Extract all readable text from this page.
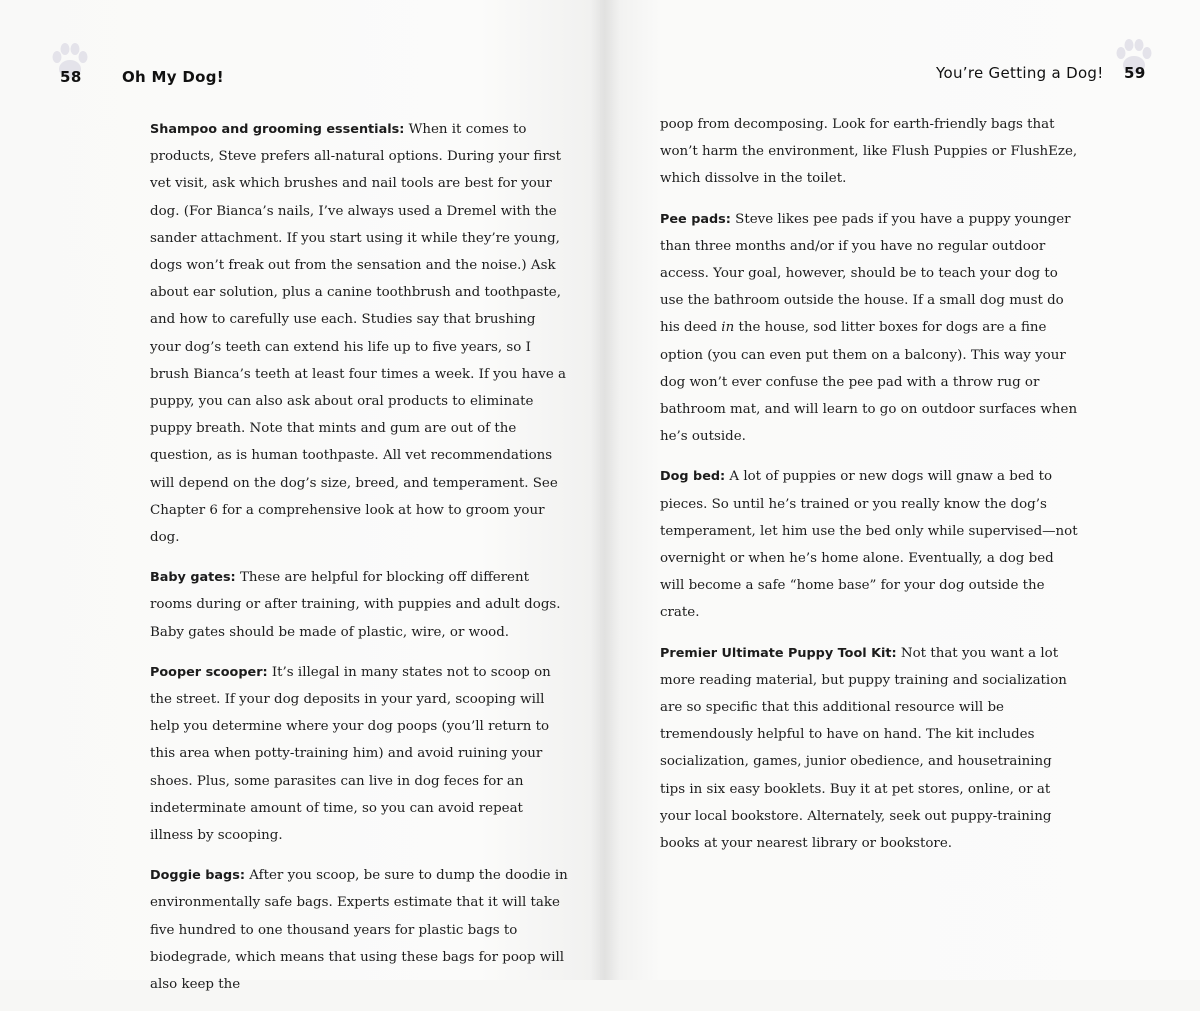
58	Oh My Dog!	You’re Getting a Dog! 59

Shampoo and grooming essentials: When it comes to products, Steve prefers all-natural options. During your first vet visit, ask which brushes and nail tools are best for your dog. (For Bianca’s nails, I’ve always used a Dremel with the sander attachment. If you start using it while they’re young, dogs won’t freak out from the sensation and the noise.) Ask about ear solution, plus a canine toothbrush and toothpaste, and how to carefully use each. Studies say that brushing your dog’s teeth can extend his life up to five years, so I brush Bianca’s teeth at least four times a week. If you have a puppy, you can also ask about oral products to eliminate puppy breath. Note that mints and gum are out of the question, as is human toothpaste. All vet recommendations will depend on the dog’s size, breed, and temperament. See Chapter 6 for a comprehensive look at how to groom your dog.

Baby gates: These are helpful for blocking off different rooms during or after training, with puppies and adult dogs. Baby gates should be made of plastic, wire, or wood.

Pooper scooper: It’s illegal in many states not to scoop on the street. If your dog deposits in your yard, scooping will help you determine where your dog poops (you’ll return to this area when potty-training him) and avoid ruining your shoes. Plus, some parasites can live in dog feces for an indeterminate amount of time, so you can avoid repeat illness by scooping.

Doggie bags: After you scoop, be sure to dump the doodie in environmentally safe bags. Experts estimate that it will take five hundred to one thousand years for plastic bags to biodegrade, which means that using these bags for poop will also keep the

poop from decomposing. Look for earth-friendly bags that won’t harm the environment, like Flush Puppies or FlushEze, which dissolve in the toilet.

Pee pads: Steve likes pee pads if you have a puppy younger than three months and/or if you have no regular outdoor access. Your goal, however, should be to teach your dog to use the bathroom outside the house. If a small dog must do his deed in the house, sod litter boxes for dogs are a fine option (you can even put them on a balcony). This way your dog won’t ever confuse the pee pad with a throw rug or bathroom mat, and will learn to go on outdoor surfaces when he’s outside.

Dog bed: A lot of puppies or new dogs will gnaw a bed to pieces. So until he’s trained or you really know the dog’s temperament, let him use the bed only while supervised—not overnight or when he’s home alone. Eventually, a dog bed will become a safe “home base” for your dog outside the crate.

Premier Ultimate Puppy Tool Kit: Not that you want a lot more reading material, but puppy training and socialization are so specific that this additional resource will be tremendously helpful to have on hand. The kit includes socialization, games, junior obedience, and housetraining tips in six easy booklets. Buy it at pet stores, online, or at your local bookstore. Alternately, seek out puppy-training books at your nearest library or bookstore.
